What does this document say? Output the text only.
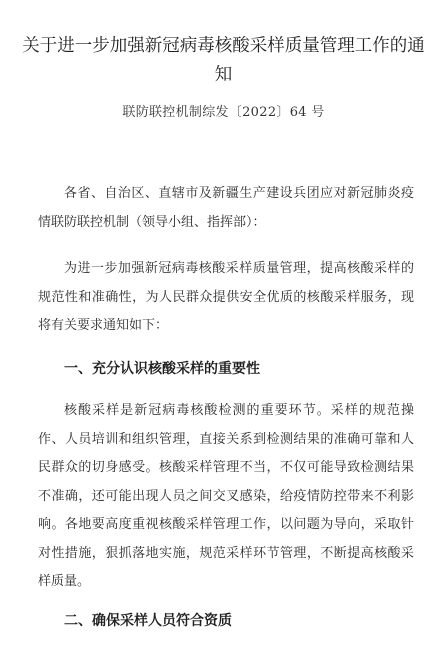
关于进一步加强新冠病毒核酸采样质量管理工作的通知
联防联控机制综发〔2022〕64 号

各省、自治区、直辖市及新疆生产建设兵团应对新冠肺炎疫情联防联控机制（领导小组、指挥部）：

为进一步加强新冠病毒核酸采样质量管理，提高核酸采样的规范性和准确性，为人民群众提供安全优质的核酸采样服务，现将有关要求通知如下：

一、充分认识核酸采样的重要性

核酸采样是新冠病毒核酸检测的重要环节。采样的规范操作、人员培训和组织管理，直接关系到检测结果的准确可靠和人民群众的切身感受。核酸采样管理不当，不仅可能导致检测结果不准确，还可能出现人员之间交叉感染，给疫情防控带来不利影响。各地要高度重视核酸采样管理工作，以问题为导向，采取针对性措施，狠抓落地实施，规范采样环节管理，不断提高核酸采样质量。

二、确保采样人员符合资质
